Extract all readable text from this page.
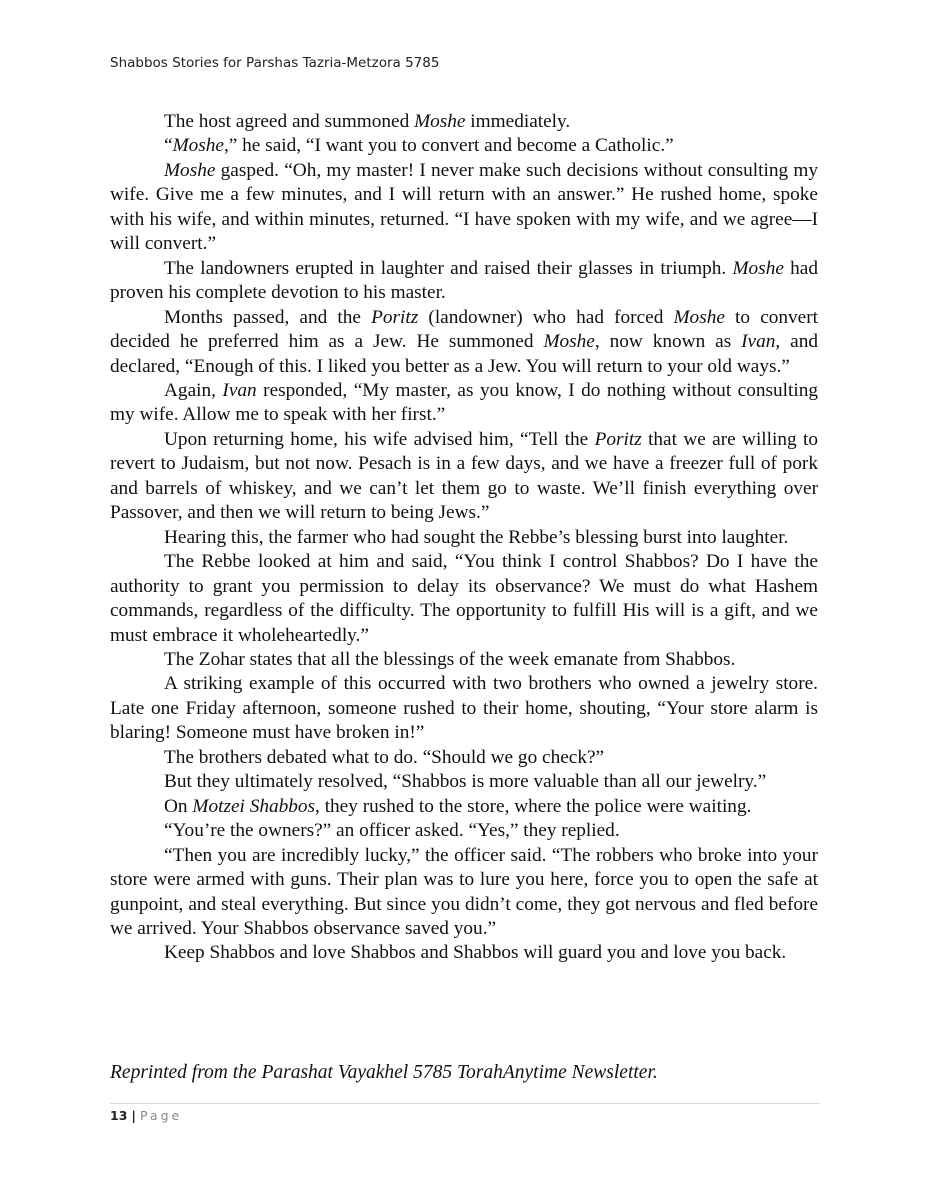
Shabbos Stories for Parshas Tazria-Metzora 5785

The host agreed and summoned Moshe immediately.

“Moshe,” he said, “I want you to convert and become a Catholic.”

Moshe gasped. “Oh, my master! I never make such decisions without consulting my wife. Give me a few minutes, and I will return with an answer.” He rushed home, spoke with his wife, and within minutes, returned. “I have spoken with my wife, and we agree—I will convert.”

The landowners erupted in laughter and raised their glasses in triumph. Moshe had proven his complete devotion to his master.

Months passed, and the Poritz (landowner) who had forced Moshe to convert decided he preferred him as a Jew. He summoned Moshe, now known as Ivan, and declared, “Enough of this. I liked you better as a Jew. You will return to your old ways.”

Again, Ivan responded, “My master, as you know, I do nothing without consulting my wife. Allow me to speak with her first.”

Upon returning home, his wife advised him, “Tell the Poritz that we are willing to revert to Judaism, but not now. Pesach is in a few days, and we have a freezer full of pork and barrels of whiskey, and we can’t let them go to waste. We’ll finish everything over Passover, and then we will return to being Jews.”

Hearing this, the farmer who had sought the Rebbe’s blessing burst into laughter.

The Rebbe looked at him and said, “You think I control Shabbos? Do I have the authority to grant you permission to delay its observance? We must do what Hashem commands, regardless of the difficulty. The opportunity to fulfill His will is a gift, and we must embrace it wholeheartedly.”

The Zohar states that all the blessings of the week emanate from Shabbos.

A striking example of this occurred with two brothers who owned a jewelry store. Late one Friday afternoon, someone rushed to their home, shouting, “Your store alarm is blaring! Someone must have broken in!”

The brothers debated what to do. “Should we go check?”

But they ultimately resolved, “Shabbos is more valuable than all our jewelry.”

On Motzei Shabbos, they rushed to the store, where the police were waiting.

“You’re the owners?” an officer asked. “Yes,” they replied.

“Then you are incredibly lucky,” the officer said. “The robbers who broke into your store were armed with guns. Their plan was to lure you here, force you to open the safe at gunpoint, and steal everything. But since you didn’t come, they got nervous and fled before we arrived. Your Shabbos observance saved you.”

Keep Shabbos and love Shabbos and Shabbos will guard you and love you back.

Reprinted from the Parashat Vayakhel 5785 TorahAnytime Newsletter.
13 | Page
